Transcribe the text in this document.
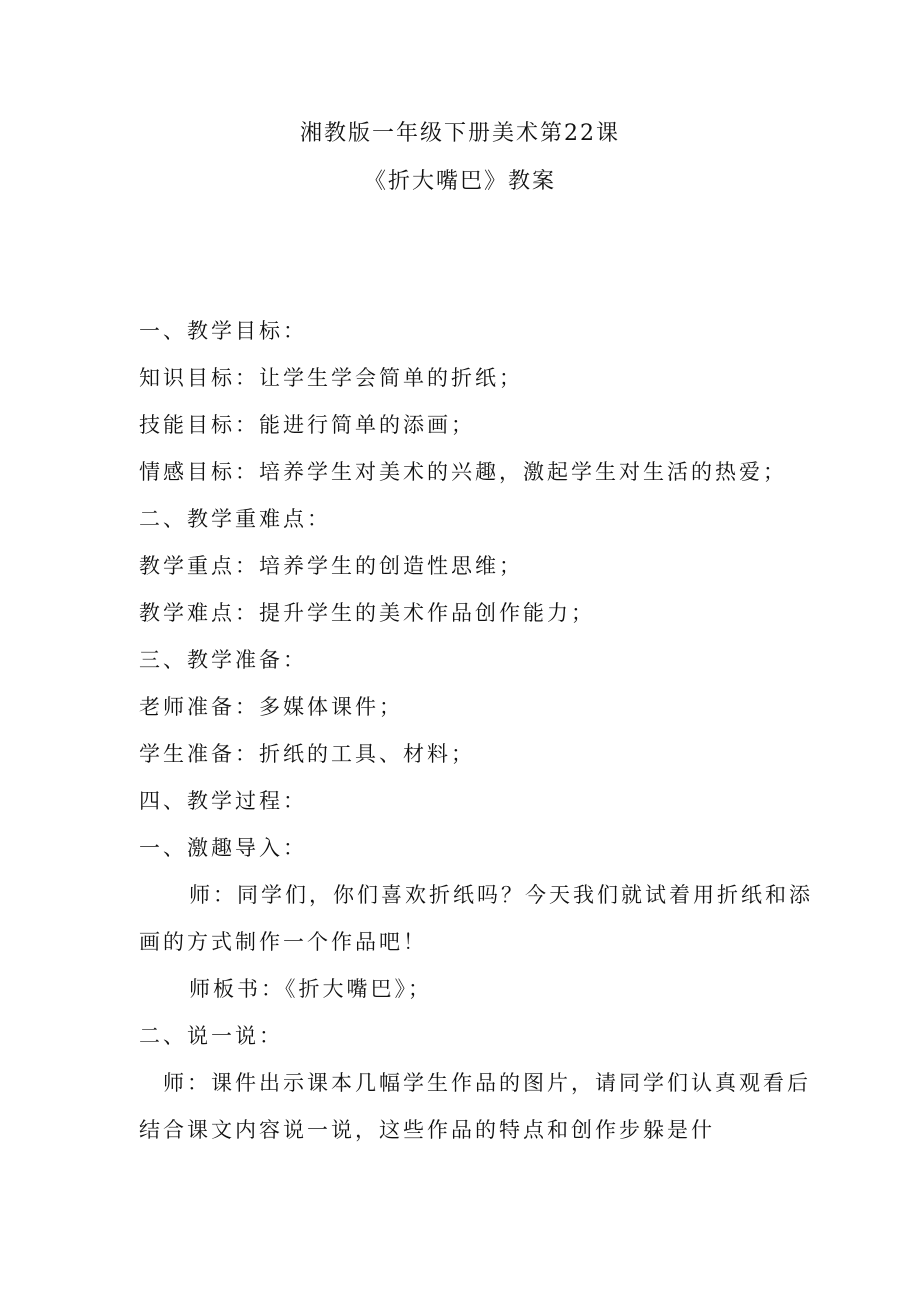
湘教版一年级下册美术第22课
《折大嘴巴》教案
一、教学目标：
知识目标：让学生学会简单的折纸；
技能目标：能进行简单的添画；
情感目标：培养学生对美术的兴趣，激起学生对生活的热爱；
二、教学重难点：
教学重点：培养学生的创造性思维；
教学难点：提升学生的美术作品创作能力；
三、教学准备：
老师准备：多媒体课件；
学生准备：折纸的工具、材料；
四、教学过程：
一、激趣导入：
师：同学们，你们喜欢折纸吗？今天我们就试着用折纸和添
画的方式制作一个作品吧！
师板书：《折大嘴巴》；
二、说一说：
师：课件出示课本几幅学生作品的图片，请同学们认真观看后
结合课文内容说一说，这些作品的特点和创作步躲是什
